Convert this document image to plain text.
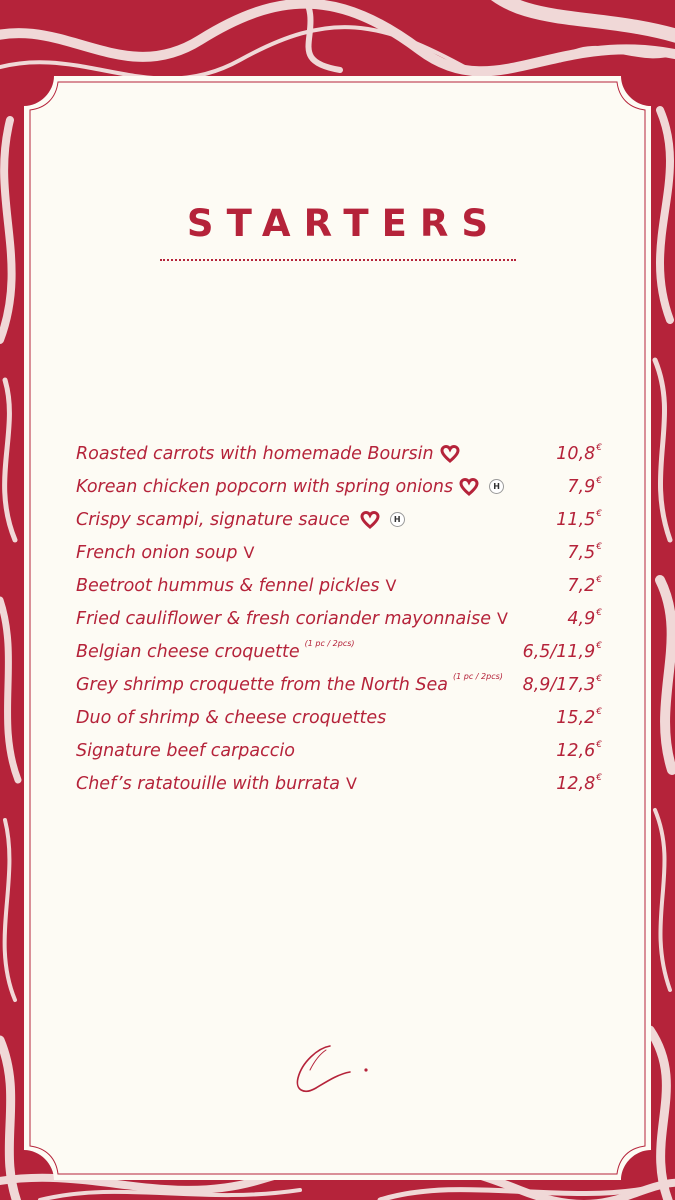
STARTERS
Roasted carrots with homemade Boursin	10,8€
Korean chicken popcorn with spring onions	H	7,9€
Crispy scampi, signature sauce	H	11,5€
French onion soup V	7,5€
Beetroot hummus & fennel pickles V	7,2€
Fried cauliflower & fresh coriander mayonnaise V	4,9€
Belgian cheese croquette (1 pc / 2pcs)	6,5/11,9€
Grey shrimp croquette from the North Sea (1 pc / 2pcs) 8,9/17,3€
Duo of shrimp & cheese croquettes	15,2€
Signature beef carpaccio	12,6€
Chef’s ratatouille with burrata V	12,8€
